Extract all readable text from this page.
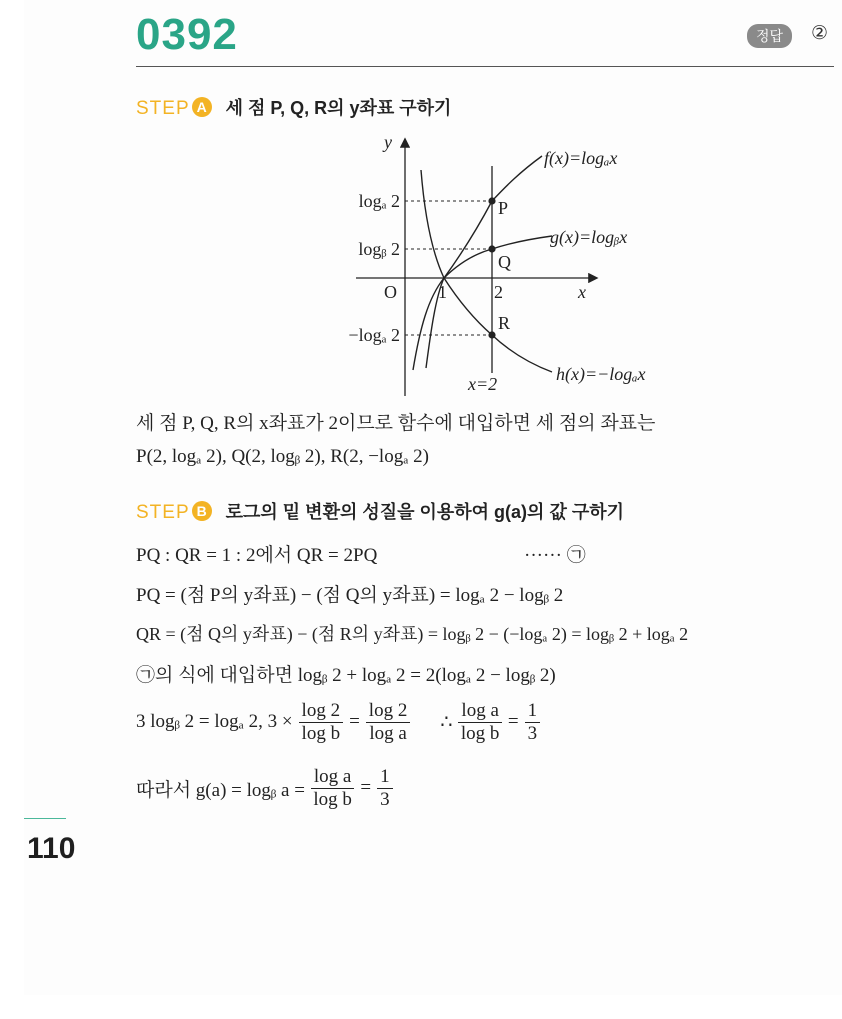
0392	정답	②
STEP A 세 점 P, Q, R의 y좌표 구하기
y
x
O 1	2
logₐ 2
logᵦ 2
−logₐ 2
P
Q
R
f(x)=logₐx
g(x)=logᵦx
h(x)=−logₐx
x=2
세 점 P, Q, R의 x좌표가 2이므로 함수에 대입하면 세 점의 좌표는
P(2, logₐ 2), Q(2, logᵦ 2), R(2, −logₐ 2)
STEP B 로그의 밑 변환의 성질을 이용하여 g(a)의 값 구하기
PQ : QR = 1 : 2에서 QR = 2PQ	······ ㉠
PQ = (점 P의 y좌표) − (점 Q의 y좌표) = logₐ 2 − logᵦ 2
QR = (점 Q의 y좌표) − (점 R의 y좌표) = logᵦ 2 − (−logₐ 2) = logᵦ 2 + logₐ 2
㉠의 식에 대입하면 logᵦ 2 + logₐ 2 = 2(logₐ 2 − logᵦ 2)
3 logᵦ 2 = logₐ 2, $3 \times \frac{\log 2}{\text{log b}} = \frac{\log 2}{\text{log a}}$ ∴ $\frac{\text{log a}}{\text{log b}} = \frac{1}{3}$
따라서 g(a) = logᵦ $a = \frac{\text{log a}}{\text{log b}} = \frac{1}{3}$
110
